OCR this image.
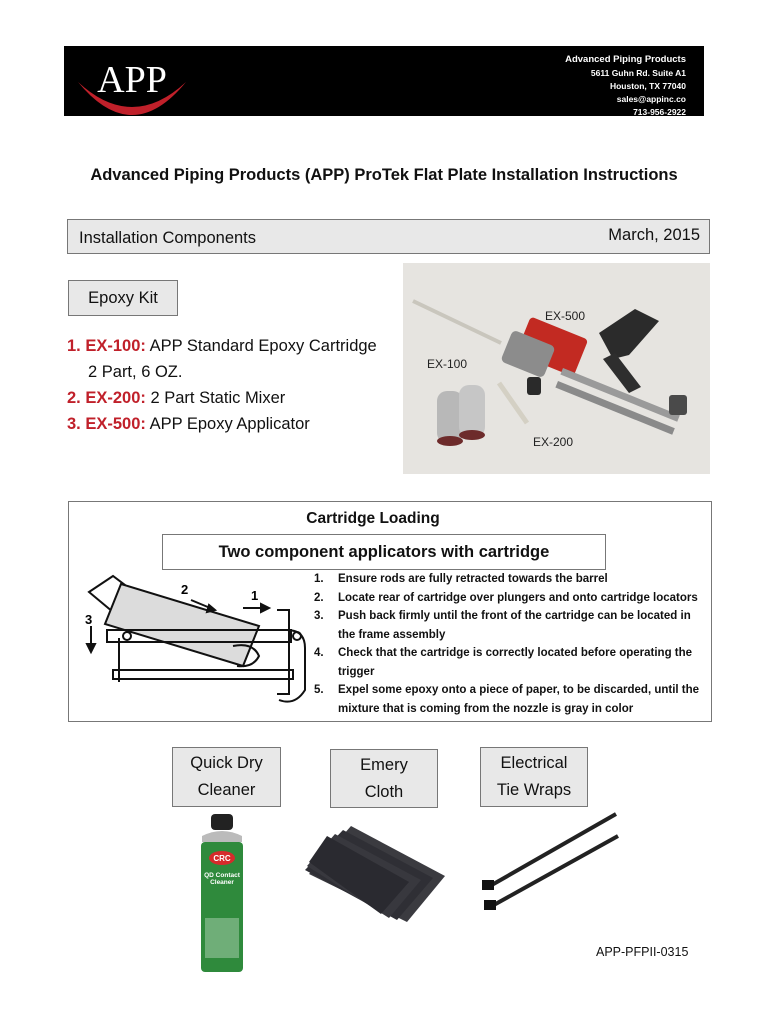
Advanced Piping Products
5611 Guhn Rd. Suite A1
Houston, TX 77040
sales@appinc.co
713-956-2922
APP
Advanced Piping Products (APP) ProTek Flat Plate Installation Instructions
Installation Components	March, 2015
Epoxy Kit
1. EX-100: APP Standard Epoxy Cartridge
2 Part, 6 OZ.
2. EX-200: 2 Part Static Mixer
3. EX-500: APP Epoxy Applicator
EX-500
EX-100
EX-200
Cartridge Loading
Two component applicators with cartridge
2	1
3
1. Ensure rods are fully retracted towards the barrel
2. Locate rear of cartridge over plungers and onto cartridge locators
3. Push back firmly until the front of the cartridge can be located in the frame assembly
4. Check that the cartridge is correctly located before operating the trigger
5. Expel some epoxy onto a piece of paper, to be discarded, until the mixture that is coming from the nozzle is gray in color
Quick Dry
Cleaner
Emery
Cloth
Electrical
Tie Wraps
CRC
QD Contact Cleaner
APP-PFPII-0315
